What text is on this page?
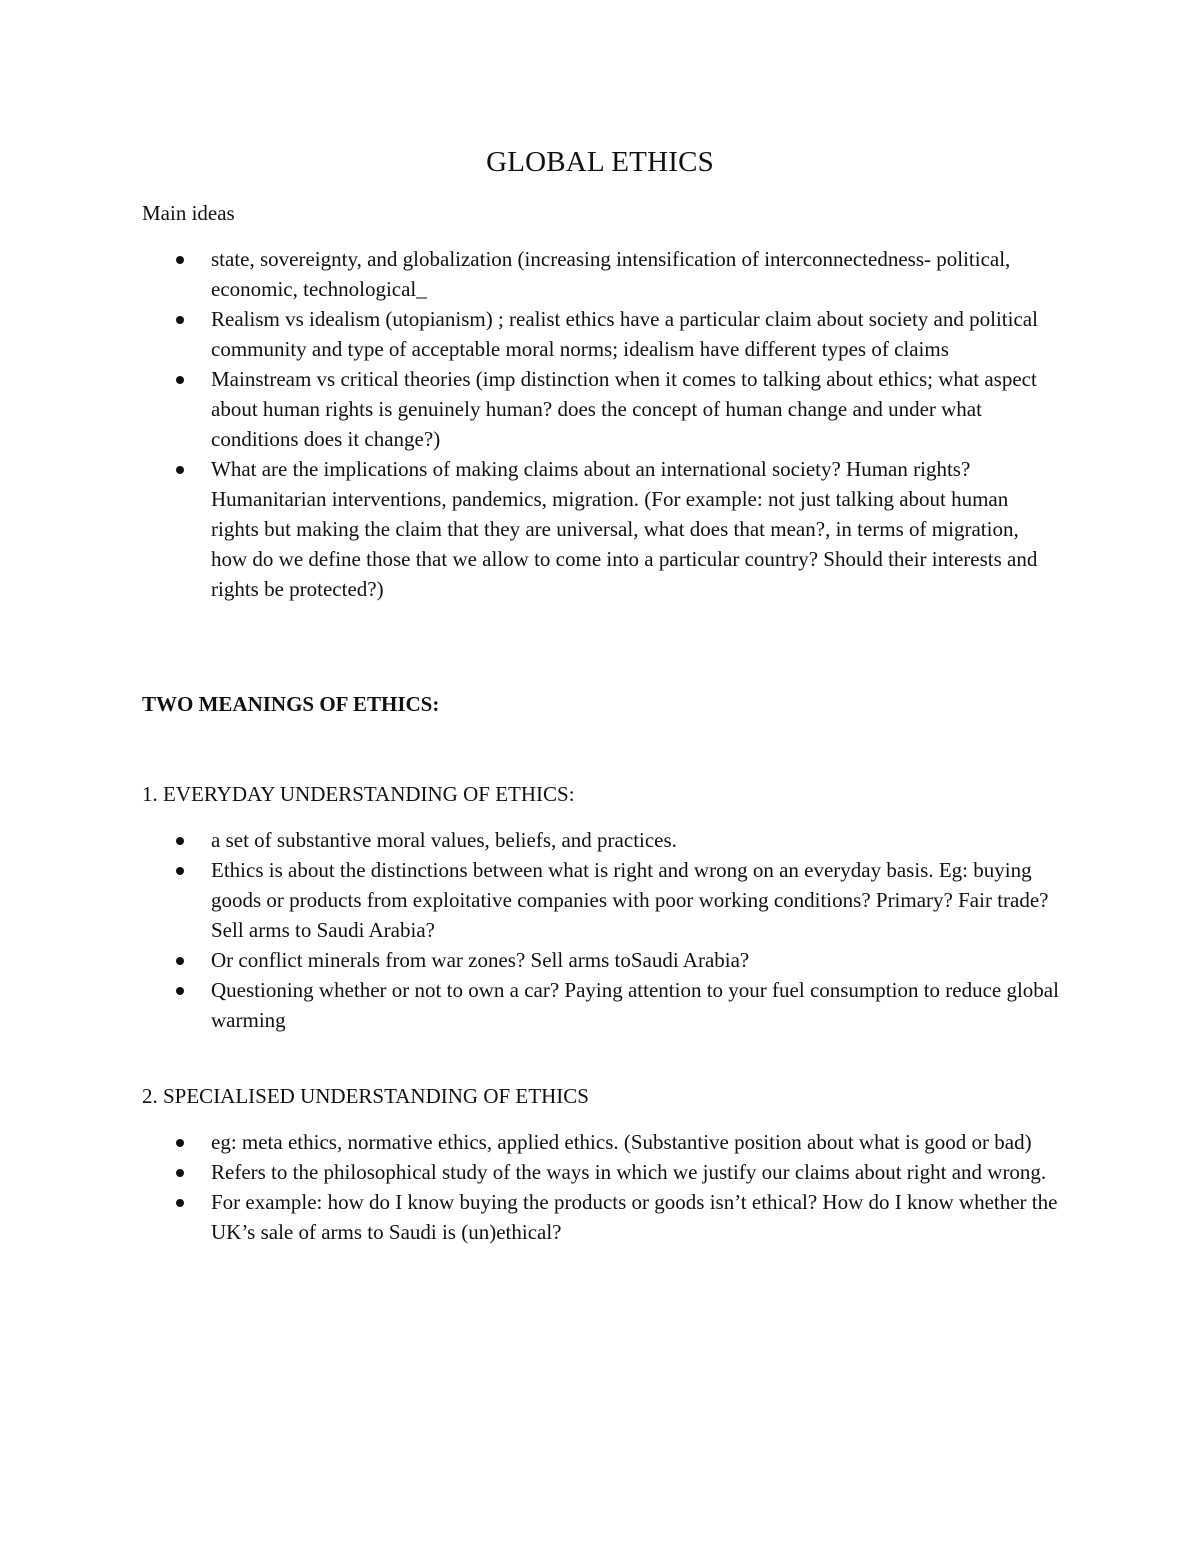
GLOBAL ETHICS
Main ideas
state, sovereignty, and globalization (increasing intensification of interconnectedness- political, economic, technological_
Realism vs idealism (utopianism) ; realist ethics have a particular claim about society and political community and type of acceptable moral norms; idealism have different types of claims
Mainstream vs critical theories (imp distinction when it comes to talking about ethics; what aspect about human rights is genuinely human? does the concept of human change and under what conditions does it change?)
What are the implications of making claims about an international society? Human rights? Humanitarian interventions, pandemics, migration. (For example: not just talking about human rights but making the claim that they are universal, what does that mean?, in terms of migration, how do we define those that we allow to come into a particular country? Should their interests and rights be protected?)
TWO MEANINGS OF ETHICS:
1. EVERYDAY UNDERSTANDING OF ETHICS:
a set of substantive moral values, beliefs, and practices.
Ethics is about the distinctions between what is right and wrong on an everyday basis. Eg: buying goods or products from exploitative companies with poor working conditions? Primary? Fair trade? Sell arms to Saudi Arabia?
Or conflict minerals from war zones? Sell arms toSaudi Arabia?
Questioning whether or not to own a car? Paying attention to your fuel consumption to reduce global warming
2. SPECIALISED UNDERSTANDING OF ETHICS
eg: meta ethics, normative ethics, applied ethics. (Substantive position about what is good or bad)
Refers to the philosophical study of the ways in which we justify our claims about right and wrong.
For example: how do I know buying the products or goods isn’t ethical? How do I know whether the UK’s sale of arms to Saudi is (un)ethical?
